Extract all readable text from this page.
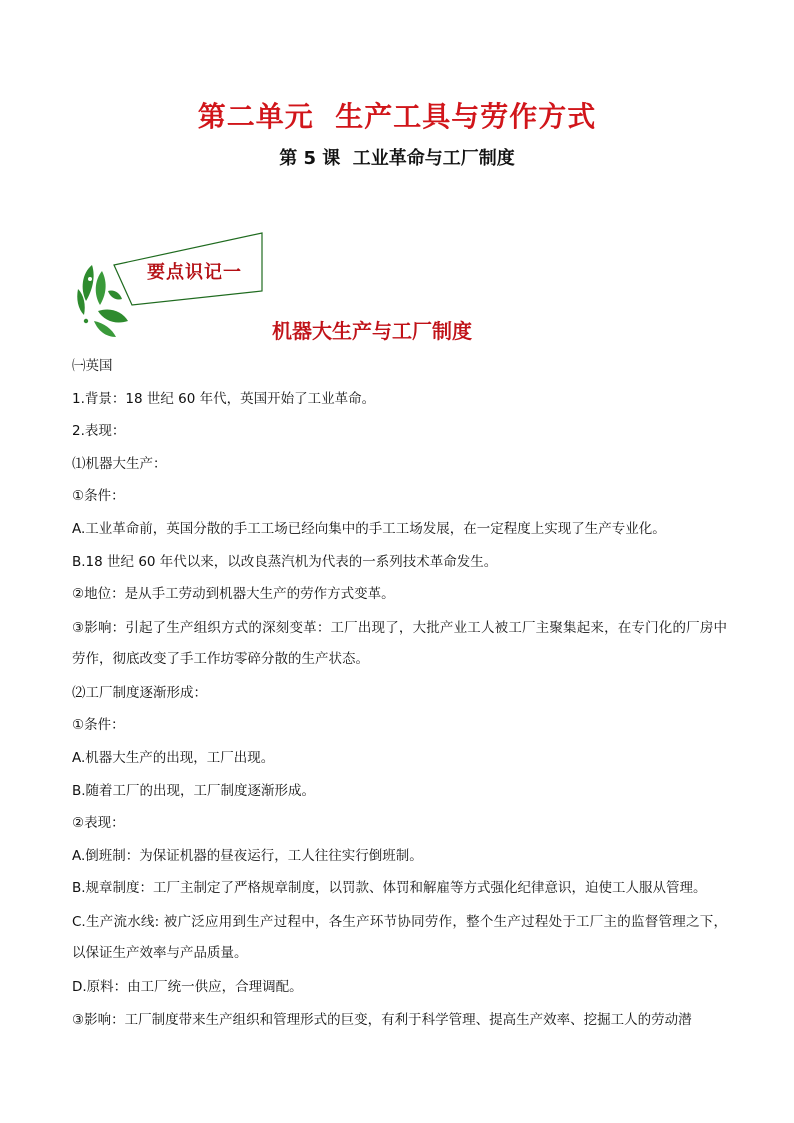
第二单元  生产工具与劳作方式
第 5 课  工业革命与工厂制度
要点识记一
机器大生产与工厂制度
㈠英国
1.背景：18 世纪 60 年代，英国开始了工业革命。
2.表现：
⑴机器大生产：
①条件：
A.工业革命前，英国分散的手工工场已经向集中的手工工场发展，在一定程度上实现了生产专业化。
B.18 世纪 60 年代以来，以改良蒸汽机为代表的一系列技术革命发生。
②地位：是从手工劳动到机器大生产的劳作方式变革。
③影响：引起了生产组织方式的深刻变革：工厂出现了，大批产业工人被工厂主聚集起来，在专门化的厂房中劳作，彻底改变了手工作坊零碎分散的生产状态。
⑵工厂制度逐渐形成：
①条件：
A.机器大生产的出现，工厂出现。
B.随着工厂的出现，工厂制度逐渐形成。
②表现：
A.倒班制：为保证机器的昼夜运行，工人往往实行倒班制。
B.规章制度：工厂主制定了严格规章制度，以罚款、体罚和解雇等方式强化纪律意识，迫使工人服从管理。
C.生产流水线: 被广泛应用到生产过程中，各生产环节协同劳作，整个生产过程处于工厂主的监督管理之下，以保证生产效率与产品质量。
D.原料：由工厂统一供应，合理调配。
③影响：工厂制度带来生产组织和管理形式的巨变，有利于科学管理、提高生产效率、挖掘工人的劳动潜
